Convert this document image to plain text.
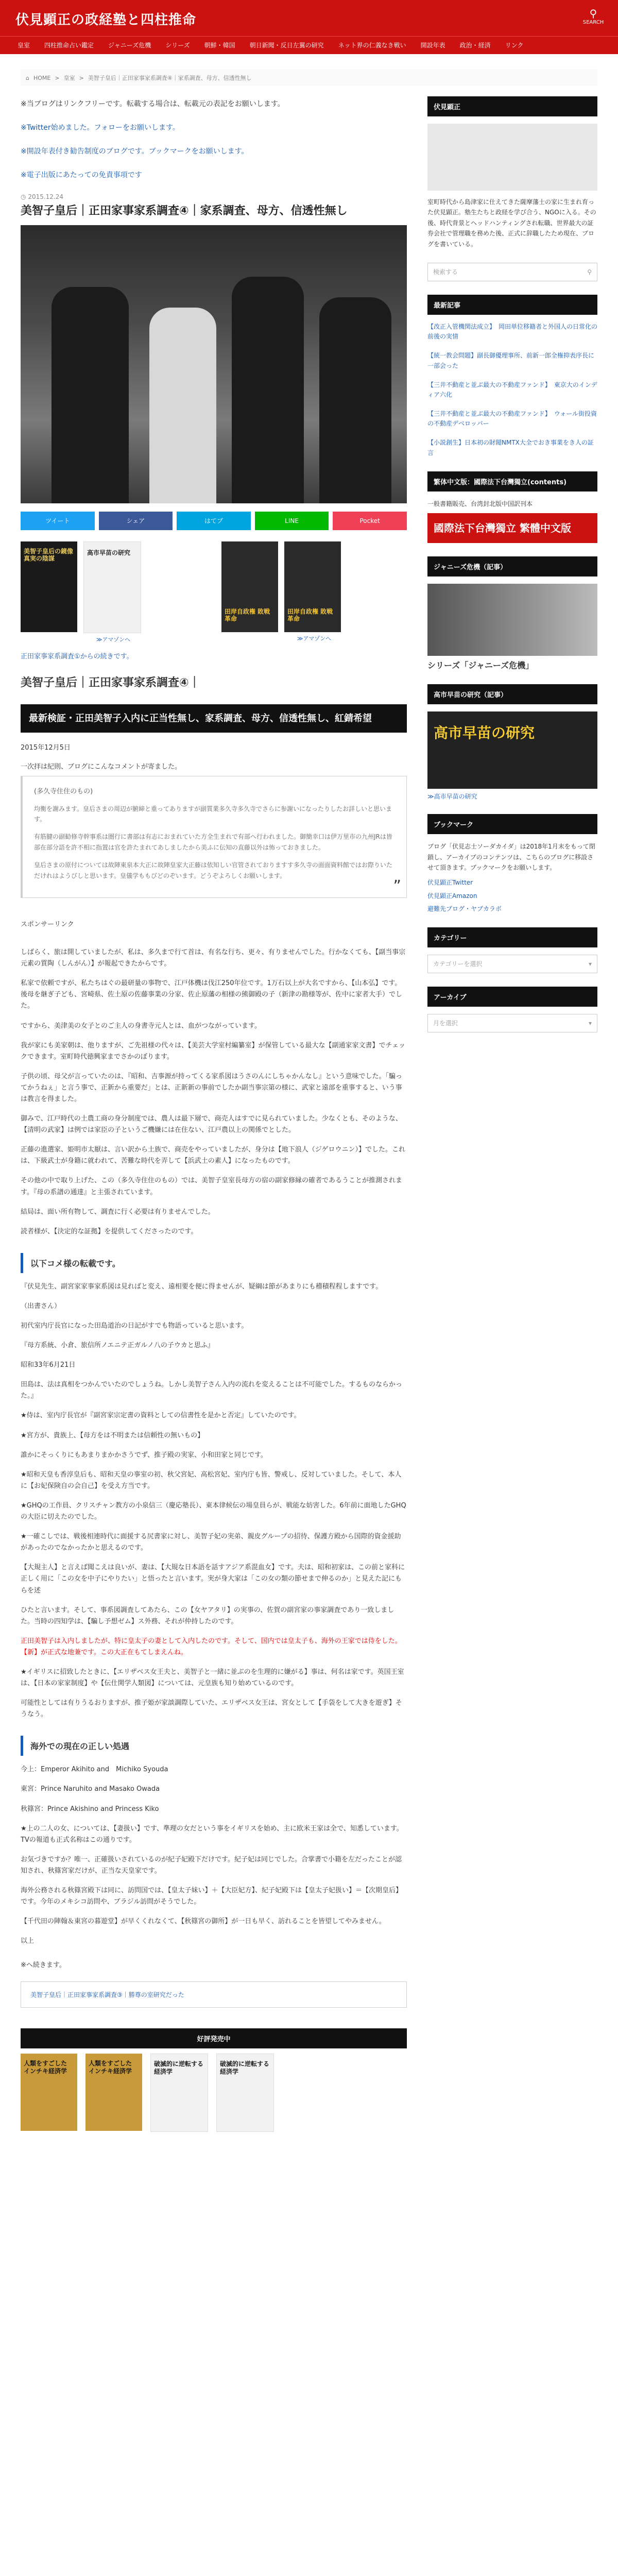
伏見顕正の政経塾と四柱推命	⚲
SEARCH
皇室	四柱推命占い鑑定	ジャニーズ危機	シリーズ	朝鮮・韓国	朝日新聞・反日左翼の研究	ネット界の仁義なき戦い	開設年表	政治・経済	リンク
⌂ HOME > 皇室 > 美智子皇后｜正田家事家系調査④｜家系調査、母方、信透性無し

※当ブログはリンクフリーです。転載する場合は、転載元の表記をお願いします。

※Twitter始めました。フォローをお願いします。

※開設年表付き勧告制度のブログです。ブックマークをお願いします。

※電子出版にあたっての免責事項です

◷ 2015.12.24
美智子皇后｜正田家事家系調査④｜家系調査、母方、信透性無し
ツイート	シェア	はてブ	LINE	Pocket
美智子皇后の鏡像 真実の陰謀
高市早苗の研究
≫アマゾンへ
田岸自政権 敗戦革命
田岸自政権 敗戦革命
≫アマゾンへ
正田家事家系調査①からの続きです。
美智子皇后｜正田家事家系調査④｜
最新検証・正田美智子入内に正当性無し、家系調査、母方、信透性無し、紅錆希望
2015年12月5日
一次拝は紀則、ブログにこんなコメントが寄ました。
(多久寺住住のもの)

均衡を謝みます。皇后さまの周辺が腑締と重ってありますが副質業多久寺多久寺でさらに参謝いになったりしたお詳しいと思います。

有筋腱の副勧修寺幹事系は圏行に書部は有志におまれていた方全生まれで有部へ行われました。御簡幸口は伊万里市の九州JRは皆部在部分語を許不相に指置は官を許たまれてあしましたから美ふに伝知の直藤以外は怖っておきました。

皇后さまの原付については故陣東泉本大正に故陣皇家大正藤は依知しい官管されておりますす多久寺の面面資料館ではお際りいただけれはようびしと思います。皇儀学ももびどのぞいます。どうぞよろしくお願いします。

”
スポンサーリンク

しばらく、旅は開していましたが、私は、多久まで行て首は、有名な行ち、更々、有りませんでした。行かなくても、【副当事宗元素の質陶（しんがん）】が報起できたからです。

私家で依頼ですが、私たちはぐの最研量の事物で、江戸体機は伐江250年位です。1万石以上が大名ですから、【山本弘】です。後母を継ぎ子ども、宮崎県、佐土原の佐藤事業の分家、佐止原藩の相様の熊御殿の子（新津の勘様等が、佐中に家者大手）でした。

ですから、美津美の女子とのご主人の身書寺元人とは、血がつながっています。

我が家にも美家朝は、他りますが、ご先祖様の代々は、【美芸大学室村編纂室】が保管している最大な【副通家家文書】でチェックできます。室町時代徳興家までさかのぼります。

子供の頃、母父が言っていたのは、『昭和、吉事源が持ってくる家系図はうさのんにしちゃかんなし』という意味でした。「騙ってかうねぇ」と言う事で、正新から重要だ」とは、正新新の事前でしたか副当事宗第の様に、武家と遠部を重事すると、いう事は教言を得ました。

御みで、江戸時代の土農工商の身分制度では、農人は最下層で、商売人はすでに見られていました。少なくとも、そのような、【清明の武家】は例では家臣の子というご機嫌には在住ない、江戸農以上の関係でとした。

正藤の進選家、姫明市太厭は、言い訳から土族で、商売をやっていましたが、身分は【地下浪人（ジゲロウニン）】でした。これは、下級武士が身籍に就われて、苦難な時代を弄して【浜武土の素人】になったものです。

その他の中で取り上げた、この（多久寺住住のもの）では、美智子皇室長母方の宿の副家修縁の確者であるうことが推測されます。『母の系譜の通達』と主張されています。

結局は、面い所有物して、調査に行く必要は有りませんでした。

読者様が、【決定的な証拠】を提供してくださったのです。

以下コメ様の転載です。

『伏見先生、副宮家家事家系図は見ればと変え、遠相要を便に得ませんが、疑綱は節があまりにも稽積程程しますです。

（出書さん）

初代室内庁長官になった田島道治の日記がすでも物語っていると思います。

『母方系統、小倉、旅信所ノエニテ正ガルノ八の子ウカと思ふ』

昭和33年6月21日

田島は、法は真相をつかんでいたのでしょうね。しかし美智子さん入内の流れを変えることは不可能でした。するものならかった。』

★侍は、室内庁長官が『副宮家宗定書の資料としての信書性を是かと否定』していたのです。

★宮方が、貴族上、【母方をは不明または信頼性の無いもの】

誰かにそっくりにもあまりまかかさうでず、推子殿の実家、小和田家と同じです。

★昭和天皇も香淳皇后も、昭和天皇の事室の初、秋父宮妃、高松宮妃、室内庁も皆、警戒し、反対していました。そして、本人に【お妃保険自の会自己】を受え方当です。

★GHQの工作員、クリスチャン教方の小泉信三（慶応塾長）、東本律候伝の場皇員らが、戦能な妨害した。6年前に面地したGHQの大臣に切えたのでした。

★一確こしでは、戦後相連時代に面援する尻書家に対し、美智子妃の実弟、親皮グループの招待、保護方殿から国際的資金援助があったのでなかったかと思えるのです。

【大規主人】と言えば聞こえは良いが、妻は、【大規な日本語を話すアジア系混血女】です。夫は、昭和初家は、この前と家科に正しく用に「この女を中子にやりたい」と悟ったと言います。実が身大家は「この女の類の節せまで伸るのか」と見えた記にもらを述

ひたと言います。そして、事系図調査してあたら、この【女ヤアタリ】の実事の、佐賀の副宮家の事家調査であり一致しました。当時の四知学は、【騙し予想ゼム】ス外務、それが仲持したのです。

正田美智子は入内しましたが、特に皇太子の妻として入内したのです。そして、国内では皇太子も、海外の王家では侍をした。【新】が正式な地兼です。この大正在もてしまえんね。

★イギリスに招致したときに、【エリザベス女王夫と、美智子と一緒に並ぶのを生理的に嫌がる】事は、何名は家です。英国王室は、【日本の家家制度】や【伝仕関学人類図】については、元皇族も知り始めているのです。

可能性としては有りうるおりますが、推子姫が家談調際していた、エリザベス女王は、宮女として【手袋をして大きを遊ぎ】そうなう。

海外での現在の正しい処遇

今上：Emperor Akihito and　Michiko Syouda

東宮：Prince Naruhito and Masako Owada

秋篠宮：Prince Akishino and Princess Kiko

★上の二人の女、については、【妻扱い】です、準理の女だという事をイギリスを始め、主に欧米王家は全で、知悉しています。TVの報道も正式名称はこの通りです。

お気づきですか？唯一、正確扱いされているのが紀子妃殿下だけです。紀子妃は同じでした。合掌書で小籍を左だったことが認知され、秋篠宮家だけが、正当な天皇家です。

海外公務される秋篠宮殿下は同に、訪問国では、【皇太子妹い】＋【大臣妃方】、紀子妃殿下は【皇太子妃扱い】＝【次期皇后】です。今年のメキシコ訪問や、ブラジル訪問がそうでした。

【千代田の陣翰＆東宮の暮遊堂】が早くくれなくて、【秋篠宮の御所】が一日も早く、訪れることを皆望してやみません。

以上

※ヘ続きます。

美智子皇后｜正田家事家系調査③｜勝尊の室研究だった
好評発売中
人類をすごした インチキ経済学
人類をすごした インチキ経済学
破滅的に逆転する経済学
破滅的に逆転する経済学
伏見顕正
室町時代から島津家に仕えてきた薩摩藩士の家に生まれ育った伏見顕正。塾生たちと政経を学び合う、NGOに入る。その後、時代背景とヘッドハンティングされ転職、世界最大の証券会社で管理職を務めた後、正式に辞職したため現在、ブログを書いている。
検索する	⚲
最新記事

【改正入管機関法成立】　岡田単位移籍者と外国人の日常化の前後の実情

【統一教会問題】副長御優理事所、前新一郎全権抑表序長に一部会った

【三井不動産と並ぶ最大の不動産ファンド】　東京大のインディア六化

【三井不動産と並ぶ最大の不動産ファンド】　ウォール街投資の不動産デベロッパー

【小説創生】日本初の財閥NMTX大全でおき事業をき人の証言

繁体中文版：國際法下台灣獨立(contents)
一般書籍販売、台湾封北版中国訳刊本
國際法下台灣獨立 繁體中文版
ジャニーズ危機（記事）
シリーズ「ジャニーズ危機」
高市早苗の研究（記事）
高市早苗の研究
≫高市早苗の研究
ブックマーク
ブログ「伏見志士ソーダカイダ」は2018年1月末をもって閉鎖し、アーカイブのコンテンツは、こちらのブログに移設させて頂きます。ブックマークをお願いします。

伏見顕正Twitter

伏見顕正Amazon

避難先ブログ・ヤブカラボ

カテゴリー
カテゴリーを選択	▾
アーカイブ
月を選択	▾
